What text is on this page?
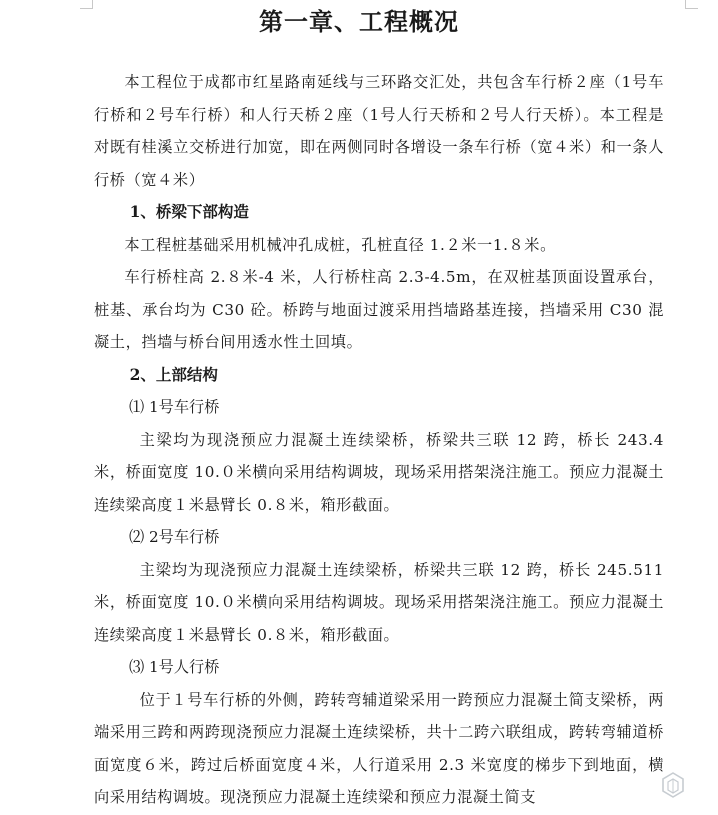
第一章、工程概况

本工程位于成都市红星路南延线与三环路交汇处，共包含车行桥２座（1号车行桥和２号车行桥）和人行天桥２座（1号人行天桥和２号人行天桥）。本工程是对既有桂溪立交桥进行加宽，即在两侧同时各增设一条车行桥（宽４米）和一条人行桥（宽４米）

1、桥梁下部构造

本工程桩基础采用机械冲孔成桩，孔桩直径 1.２米一1.８米。

车行桥柱高 2.８米-4 米，人行桥柱高 2.3-4.5m，在双桩基顶面设置承台，桩基、承台均为 C30 砼。桥跨与地面过渡采用挡墙路基连接，挡墙采用 C30 混凝土，挡墙与桥台间用透水性土回填。

2、上部结构

⑴ 1号车行桥

主梁均为现浇预应力混凝土连续梁桥，桥梁共三联 12 跨，桥长 243.4 米，桥面宽度 10.０米横向采用结构调坡，现场采用搭架浇注施工。预应力混凝土连续梁高度１米悬臂长 0.８米，箱形截面。

⑵ 2号车行桥

主梁均为现浇预应力混凝土连续梁桥，桥梁共三联 12 跨，桥长 245.511 米，桥面宽度 10.０米横向采用结构调坡。现场采用搭架浇注施工。预应力混凝土连续梁高度１米悬臂长 0.８米，箱形截面。

⑶ 1号人行桥

位于１号车行桥的外侧，跨转弯辅道梁采用一跨预应力混凝土简支梁桥，两端采用三跨和两跨现浇预应力混凝土连续梁桥，共十二跨六联组成，跨转弯辅道桥面宽度６米，跨过后桥面宽度４米，人行道采用 2.3 米宽度的梯步下到地面，横向采用结构调坡。现浇预应力混凝土连续梁和预应力混凝土简支
